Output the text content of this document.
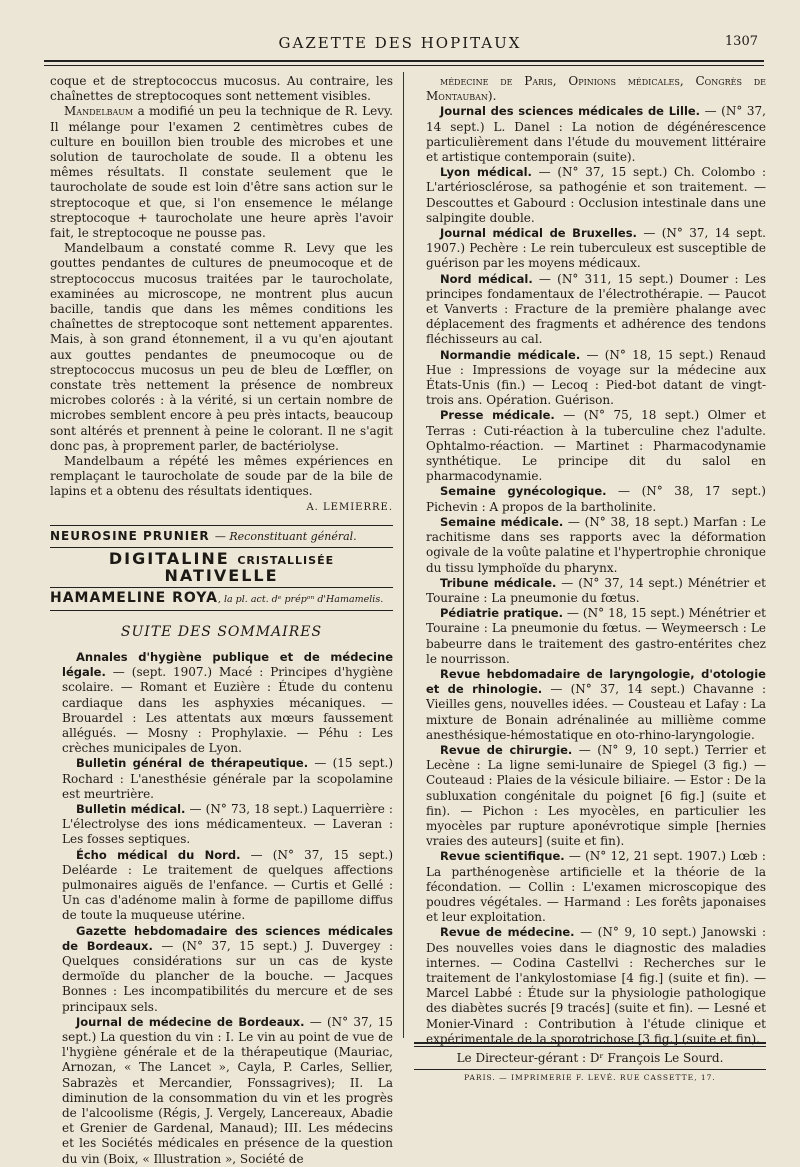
GAZETTE DES HOPITAUX	1307

coque et de streptococcus mucosus. Au contraire, les chaînettes de streptocoques sont nettement visibles.

Mandelbaum a modifié un peu la technique de R. Levy. Il mélange pour l'examen 2 centimètres cubes de culture en bouillon bien trouble des microbes et une solution de taurocholate de soude. Il a obtenu les mêmes résultats. Il constate seulement que le taurocholate de soude est loin d'être sans action sur le streptocoque et que, si l'on ensemence le mélange streptocoque + taurocholate une heure après l'avoir fait, le streptocoque ne pousse pas.

Mandelbaum a constaté comme R. Levy que les gouttes pendantes de cultures de pneumocoque et de streptococcus mucosus traitées par le taurocholate, examinées au microscope, ne montrent plus aucun bacille, tandis que dans les mêmes conditions les chaînettes de streptocoque sont nettement apparentes. Mais, à son grand étonnement, il a vu qu'en ajoutant aux gouttes pendantes de pneumocoque ou de streptococcus mucosus un peu de bleu de Lœffler, on constate très nettement la présence de nombreux microbes colorés : à la vérité, si un certain nombre de microbes semblent encore à peu près intacts, beaucoup sont altérés et prennent à peine le colorant. Il ne s'agit donc pas, à proprement parler, de bactériolyse.

Mandelbaum a répété les mêmes expériences en remplaçant le taurocholate de soude par de la bile de lapins et a obtenu des résultats identiques.

A. LEMIERRE.
NEUROSINE PRUNIER — Reconstituant général.
DIGITALINE CRISTALLISÉE NATIVELLE
HAMAMELINE ROYA, la pl. act. dᵉ prépᵒⁿ d'Hamamelis.
SUITE DES SOMMAIRES

Annales d'hygiène publique et de médecine légale. — (sept. 1907.) Macé : Principes d'hygiène scolaire. — Romant et Euzière : Étude du contenu cardiaque dans les asphyxies mécaniques. — Brouardel : Les attentats aux mœurs faussement allégués. — Mosny : Prophylaxie. — Péhu : Les crèches municipales de Lyon.

Bulletin général de thérapeutique. — (15 sept.) Rochard : L'anesthésie générale par la scopolamine est meurtrière.

Bulletin médical. — (N° 73, 18 sept.) Laquerrière : L'électrolyse des ions médicamenteux. — Laveran : Les fosses septiques.

Écho médical du Nord. — (N° 37, 15 sept.) Deléarde : Le traitement de quelques affections pulmonaires aiguës de l'enfance. — Curtis et Gellé : Un cas d'adénome malin à forme de papillome diffus de toute la muqueuse utérine.

Gazette hebdomadaire des sciences médicales de Bordeaux. — (N° 37, 15 sept.) J. Duvergey : Quelques considérations sur un cas de kyste dermoïde du plancher de la bouche. — Jacques Bonnes : Les incompatibilités du mercure et de ses principaux sels.

Journal de médecine de Bordeaux. — (N° 37, 15 sept.) La question du vin : I. Le vin au point de vue de l'hygiène générale et de la thérapeutique (Mauriac, Arnozan, « The Lancet », Cayla, P. Carles, Sellier, Sabrazès et Mercandier, Fonssagrives); II. La diminution de la consommation du vin et les progrès de l'alcoolisme (Régis, J. Vergely, Lancereaux, Abadie et Grenier de Gardenal, Manaud); III. Les médecins et les Sociétés médicales en présence de la question du vin (Boix, « Illustration », Société de

médecine de Paris, Opinions médicales, Congrès de Montauban).

Journal des sciences médicales de Lille. — (N° 37, 14 sept.) L. Danel : La notion de dégénérescence particulièrement dans l'étude du mouvement littéraire et artistique contemporain (suite).

Lyon médical. — (N° 37, 15 sept.) Ch. Colombo : L'artériosclérose, sa pathogénie et son traitement. — Descouttes et Gabourd : Occlusion intestinale dans une salpingite double.

Journal médical de Bruxelles. — (N° 37, 14 sept. 1907.) Pechère : Le rein tuberculeux est susceptible de guérison par les moyens médicaux.

Nord médical. — (N° 311, 15 sept.) Doumer : Les principes fondamentaux de l'électrothérapie. — Paucot et Vanverts : Fracture de la première phalange avec déplacement des fragments et adhérence des tendons fléchisseurs au cal.

Normandie médicale. — (N° 18, 15 sept.) Renaud Hue : Impressions de voyage sur la médecine aux États-Unis (fin.) — Lecoq : Pied-bot datant de vingt-trois ans. Opération. Guérison.

Presse médicale. — (N° 75, 18 sept.) Olmer et Terras : Cuti-réaction à la tuberculine chez l'adulte. Ophtalmo-réaction. — Martinet : Pharmacodynamie synthétique. Le principe dit du salol en pharmacodynamie.

Semaine gynécologique. — (N° 38, 17 sept.) Pichevin : A propos de la bartholinite.

Semaine médicale. — (N° 38, 18 sept.) Marfan : Le rachitisme dans ses rapports avec la déformation ogivale de la voûte palatine et l'hypertrophie chronique du tissu lymphoïde du pharynx.

Tribune médicale. — (N° 37, 14 sept.) Ménétrier et Touraine : La pneumonie du fœtus.

Pédiatrie pratique. — (N° 18, 15 sept.) Ménétrier et Touraine : La pneumonie du fœtus. — Weymeersch : Le babeurre dans le traitement des gastro-entérites chez le nourrisson.

Revue hebdomadaire de laryngologie, d'otologie et de rhinologie. — (N° 37, 14 sept.) Chavanne : Vieilles gens, nouvelles idées. — Cousteau et Lafay : La mixture de Bonain adrénalinée au millième comme anesthésique-hémostatique en oto-rhino-laryngologie.

Revue de chirurgie. — (N° 9, 10 sept.) Terrier et Lecène : La ligne semi-lunaire de Spiegel (3 fig.) — Couteaud : Plaies de la vésicule biliaire. — Estor : De la subluxation congénitale du poignet [6 fig.] (suite et fin). — Pichon : Les myocèles, en particulier les myocèles par rupture aponévrotique simple [hernies vraies des auteurs] (suite et fin).

Revue scientifique. — (N° 12, 21 sept. 1907.) Lœb : La parthénogenèse artificielle et la théorie de la fécondation. — Collin : L'examen microscopique des poudres végétales. — Harmand : Les forêts japonaises et leur exploitation.

Revue de médecine. — (N° 9, 10 sept.) Janowski : Des nouvelles voies dans le diagnostic des maladies internes. — Codina Castellvi : Recherches sur le traitement de l'ankylostomiase [4 fig.] (suite et fin). — Marcel Labbé : Étude sur la physiologie pathologique des diabètes sucrés [9 tracés] (suite et fin). — Lesné et Monier-Vinard : Contribution à l'étude clinique et expérimentale de la sporotrichose [3 fig.] (suite et fin).

Le Directeur-gérant : Dʳ François Le Sourd.
PARIS. — IMPRIMERIE F. LEVÉ. RUE CASSETTE, 17.
